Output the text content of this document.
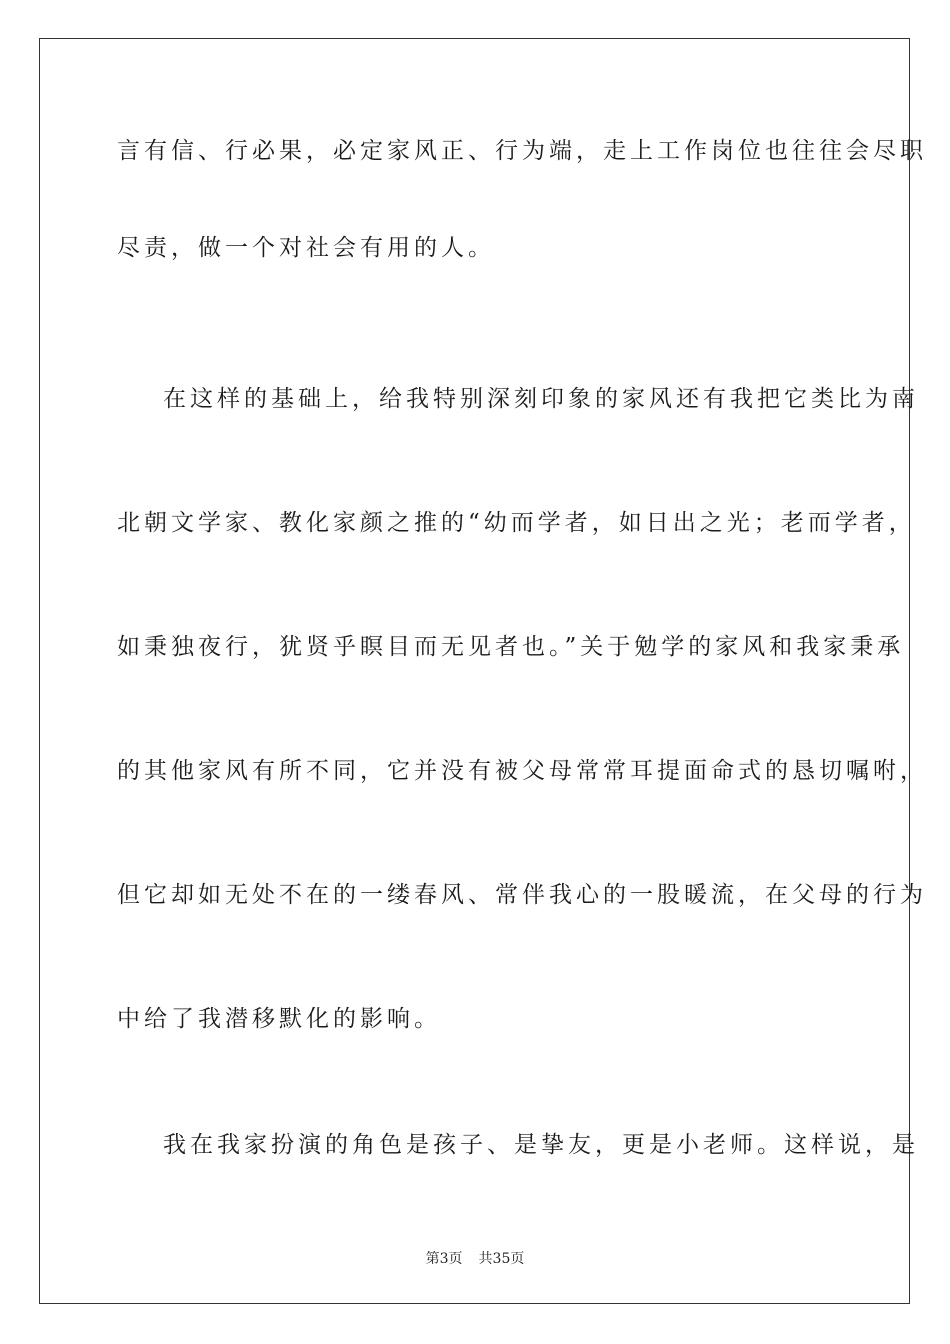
言有信、行必果，必定家风正、行为端，走上工作岗位也往往会尽职
尽责，做一个对社会有用的人。
在这样的基础上，给我特别深刻印象的家风还有我把它类比为南
北朝文学家、教化家颜之推的“幼而学者，如日出之光；老而学者，
如秉独夜行，犹贤乎瞑目而无见者也。”关于勉学的家风和我家秉承
的其他家风有所不同，它并没有被父母常常耳提面命式的恳切嘱咐，
但它却如无处不在的一缕春风、常伴我心的一股暖流，在父母的行为
中给了我潜移默化的影响。
我在我家扮演的角色是孩子、是挚友，更是小老师。这样说，是
第3页 共35页
